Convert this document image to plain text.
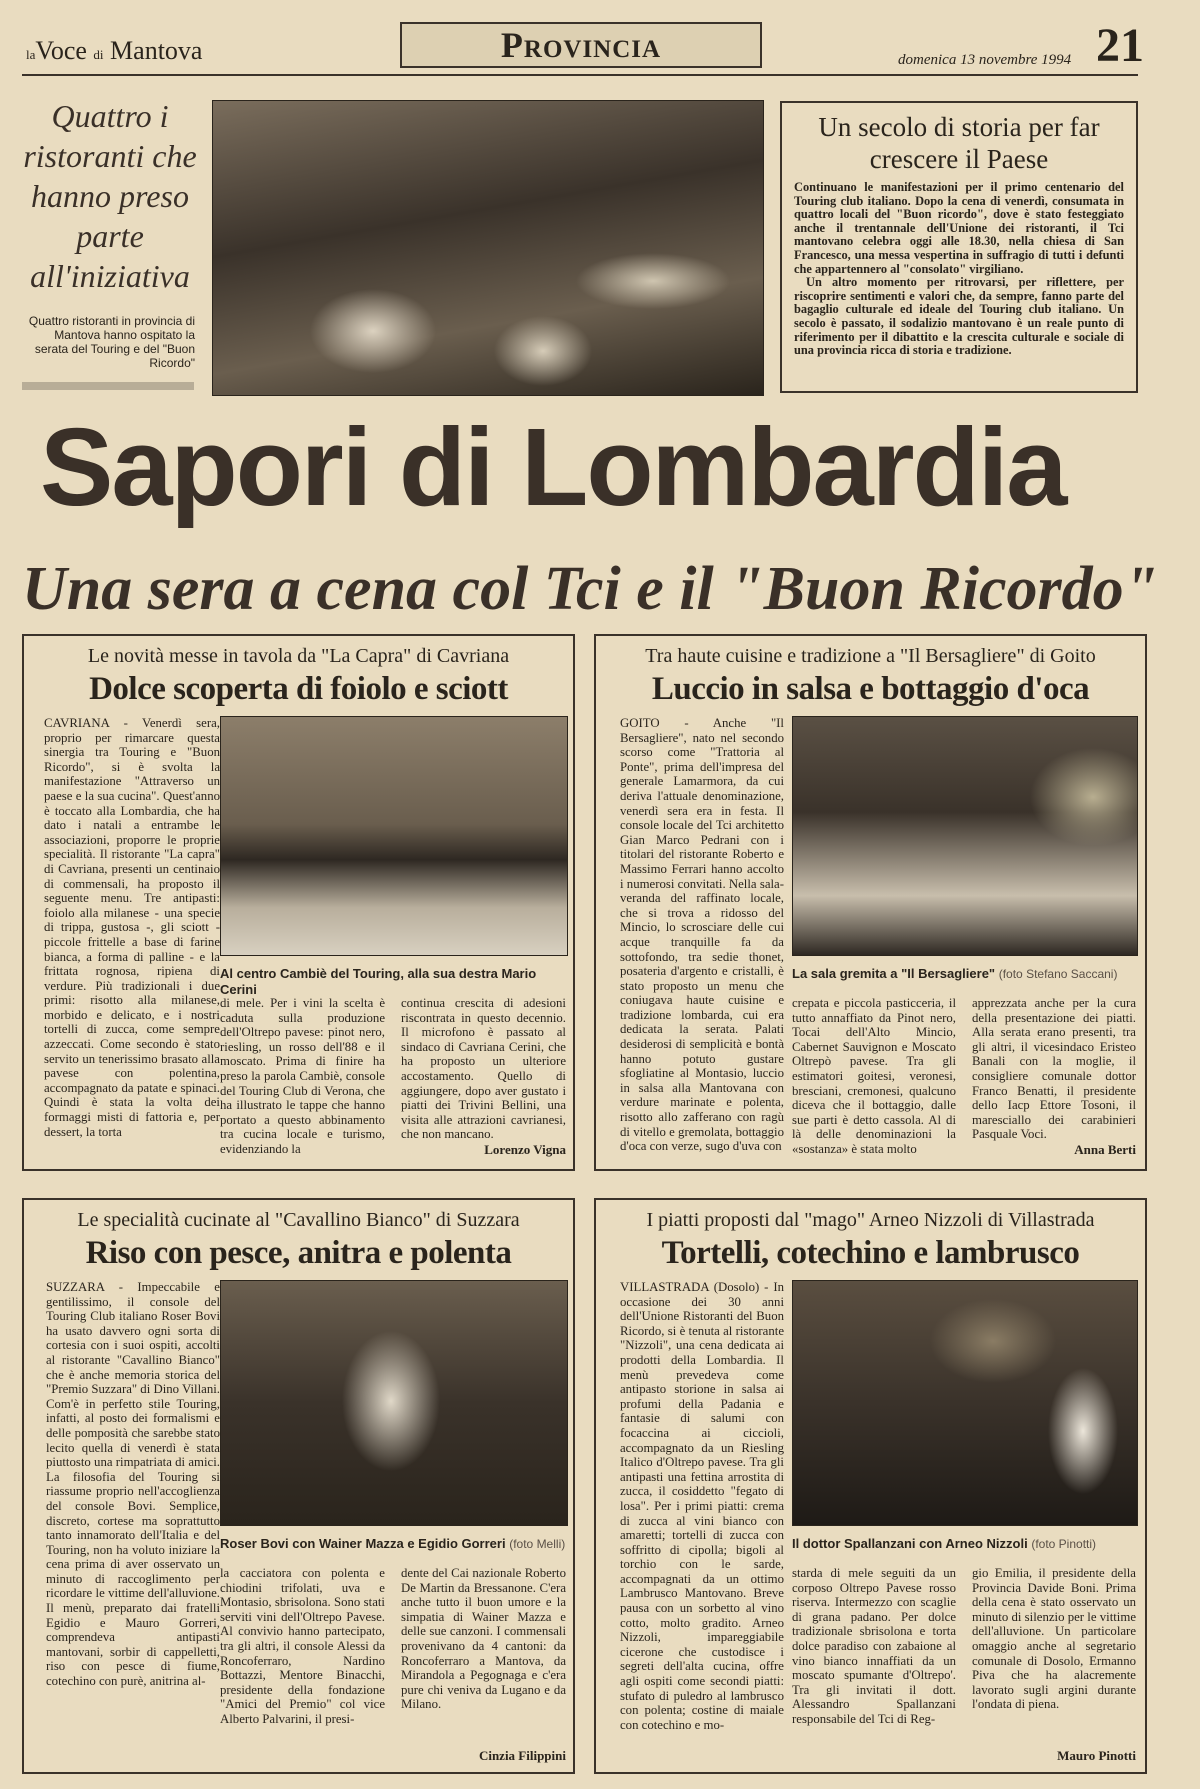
laVoce di Mantova	Provincia	domenica 13 novembre 1994 21
Quattro i ristoranti che hanno preso parte all'iniziativa
Quattro ristoranti in provincia di Mantova hanno ospitato la serata del Touring e del "Buon Ricordo"
Un secolo di storia per far crescere il Paese

Continuano le manifestazioni per il primo centenario del Touring club italiano. Dopo la cena di venerdì, consumata in quattro locali del "Buon ricordo", dove è stato festeggiato anche il trentannale dell'Unione dei ristoranti, il Tci mantovano celebra oggi alle 18.30, nella chiesa di San Francesco, una messa vespertina in suffragio di tutti i defunti che appartennero al "consolato" virgiliano.

Un altro momento per ritrovarsi, per riflettere, per riscoprire sentimenti e valori che, da sempre, fanno parte del bagaglio culturale ed ideale del Touring club italiano. Un secolo è passato, il sodalizio mantovano è un reale punto di riferimento per il dibattito e la crescita culturale e sociale di una provincia ricca di storia e tradizione.

Sapori di Lombardia
Una sera a cena col Tci e il "Buon Ricordo"
Le novità messe in tavola da "La Capra" di Cavriana
Dolce scoperta di foiolo e sciott
CAVRIANA - Venerdì sera, proprio per rimarcare questa sinergia tra Touring e "Buon Ricordo", si è svolta la manifestazione "Attraverso un paese e la sua cucina". Quest'anno è toccato alla Lombardia, che ha dato i natali a entrambe le associazioni, proporre le proprie specialità. Il ristorante "La capra" di Cavriana, presenti un centinaio di commensali, ha proposto il seguente menu. Tre antipasti: foiolo alla milanese - una specie di trippa, gustosa -, gli sciott - piccole frittelle a base di farine bianca, a forma di palline - e la frittata rognosa, ripiena di verdure. Più tradizionali i due primi: risotto alla milanese, morbido e delicato, e i nostri tortelli di zucca, come sempre azzeccati. Come secondo è stato servito un tenerissimo brasato alla pavese con polentina, accompagnato da patate e spinaci. Quindi è stata la volta dei formaggi misti di fattoria e, per dessert, la torta
Al centro Cambiè del Touring, alla sua destra Mario Cerini
di mele. Per i vini la scelta è caduta sulla produzione dell'Oltrepo pavese: pinot nero, riesling, un rosso dell'88 e il moscato. Prima di finire ha preso la parola Cambiè, console del Touring Club di Verona, che ha illustrato le tappe che hanno portato a questo abbinamento tra cucina locale e turismo, evidenziando la
continua crescita di adesioni riscontrata in questo decennio. Il microfono è passato al sindaco di Cavriana Cerini, che ha proposto un ulteriore accostamento. Quello di aggiungere, dopo aver gustato i piatti dei Trivini Bellini, una visita alle attrazioni cavrianesi, che non mancano.
Lorenzo Vigna
Tra haute cuisine e tradizione a "Il Bersagliere" di Goito
Luccio in salsa e bottaggio d'oca
GOITO - Anche "Il Bersagliere", nato nel secondo scorso come "Trattoria al Ponte", prima dell'impresa del generale Lamarmora, da cui deriva l'attuale denominazione, venerdì sera era in festa. Il console locale del Tci architetto Gian Marco Pedrani con i titolari del ristorante Roberto e Massimo Ferrari hanno accolto i numerosi convitati. Nella sala-veranda del raffinato locale, che si trova a ridosso del Mincio, lo scrosciare delle cui acque tranquille fa da sottofondo, tra sedie thonet, posateria d'argento e cristalli, è stato proposto un menu che coniugava haute cuisine e tradizione lombarda, cui era dedicata la serata. Palati desiderosi di semplicità e bontà hanno potuto gustare sfogliatine al Montasio, luccio in salsa alla Mantovana con verdure marinate e polenta, risotto allo zafferano con ragù di vitello e gremolata, bottaggio d'oca con verze, sugo d'uva con
La sala gremita a "Il Bersagliere" (foto Stefano Saccani)
crepata e piccola pasticceria, il tutto annaffiato da Pinot nero, Tocai dell'Alto Mincio, Cabernet Sauvignon e Moscato Oltrepò pavese. Tra gli estimatori goitesi, veronesi, bresciani, cremonesi, qualcuno diceva che il bottaggio, dalle sue parti è detto cassola. Al di là delle denominazioni la «sostanza» è stata molto
apprezzata anche per la cura della presentazione dei piatti. Alla serata erano presenti, tra gli altri, il vicesindaco Eristeo Banali con la moglie, il consigliere comunale dottor Franco Benatti, il presidente dello Iacp Ettore Tosoni, il maresciallo dei carabinieri Pasquale Voci.
Anna Berti
Le specialità cucinate al "Cavallino Bianco" di Suzzara
Riso con pesce, anitra e polenta
SUZZARA - Impeccabile e gentilissimo, il console del Touring Club italiano Roser Bovi ha usato davvero ogni sorta di cortesia con i suoi ospiti, accolti al ristorante "Cavallino Bianco" che è anche memoria storica del "Premio Suzzara" di Dino Villani. Com'è in perfetto stile Touring, infatti, al posto dei formalismi e delle pomposità che sarebbe stato lecito quella di venerdì è stata piuttosto una rimpatriata di amici. La filosofia del Touring si riassume proprio nell'accoglienza del console Bovi. Semplice, discreto, cortese ma soprattutto tanto innamorato dell'Italia e del Touring, non ha voluto iniziare la cena prima di aver osservato un minuto di raccoglimento per ricordare le vittime dell'alluvione. Il menù, preparato dai fratelli Egidio e Mauro Gorreri, comprendeva antipasti mantovani, sorbir di cappelletti, riso con pesce di fiume, cotechino con purè, anitrina al-
Roser Bovi con Wainer Mazza e Egidio Gorreri (foto Melli)
la cacciatora con polenta e chiodini trifolati, uva e Montasio, sbrisolona. Sono stati serviti vini dell'Oltrepo Pavese. Al convivio hanno partecipato, tra gli altri, il console Alessi da Roncoferraro, Nardino Bottazzi, Mentore Binacchi, presidente della fondazione "Amici del Premio" col vice Alberto Palvarini, il presi-
dente del Cai nazionale Roberto De Martin da Bressanone. C'era anche tutto il buon umore e la simpatia di Wainer Mazza e delle sue canzoni. I commensali provenivano da 4 cantoni: da Roncoferraro a Mantova, da Mirandola a Pegognaga e c'era pure chi veniva da Lugano e da Milano.
Cinzia Filippini
I piatti proposti dal "mago" Arneo Nizzoli di Villastrada
Tortelli, cotechino e lambrusco
VILLASTRADA (Dosolo) - In occasione dei 30 anni dell'Unione Ristoranti del Buon Ricordo, si è tenuta al ristorante "Nizzoli", una cena dedicata ai prodotti della Lombardia. Il menù prevedeva come antipasto storione in salsa ai profumi della Padania e fantasie di salumi con focaccina ai ciccioli, accompagnato da un Riesling Italico d'Oltrepo pavese. Tra gli antipasti una fettina arrostita di zucca, il cosiddetto "fegato di losa". Per i primi piatti: crema di zucca al vini bianco con amaretti; tortelli di zucca con soffritto di cipolla; bigoli al torchio con le sarde, accompagnati da un ottimo Lambrusco Mantovano. Breve pausa con un sorbetto al vino cotto, molto gradito. Arneo Nizzoli, impareggiabile cicerone che custodisce i segreti dell'alta cucina, offre agli ospiti come secondi piatti: stufato di puledro al lambrusco con polenta; costine di maiale con cotechino e mo-
Il dottor Spallanzani con Arneo Nizzoli (foto Pinotti)
starda di mele seguiti da un corposo Oltrepo Pavese rosso riserva. Intermezzo con scaglie di grana padano. Per dolce tradizionale sbrisolona e torta dolce paradiso con zabaione al vino bianco innaffiati da un moscato spumante d'Oltrepo'. Tra gli invitati il dott. Alessandro Spallanzani responsabile del Tci di Reg-
gio Emilia, il presidente della Provincia Davide Boni. Prima della cena è stato osservato un minuto di silenzio per le vittime dell'alluvione. Un particolare omaggio anche al segretario comunale di Dosolo, Ermanno Piva che ha alacremente lavorato sugli argini durante l'ondata di piena.
Mauro Pinotti
